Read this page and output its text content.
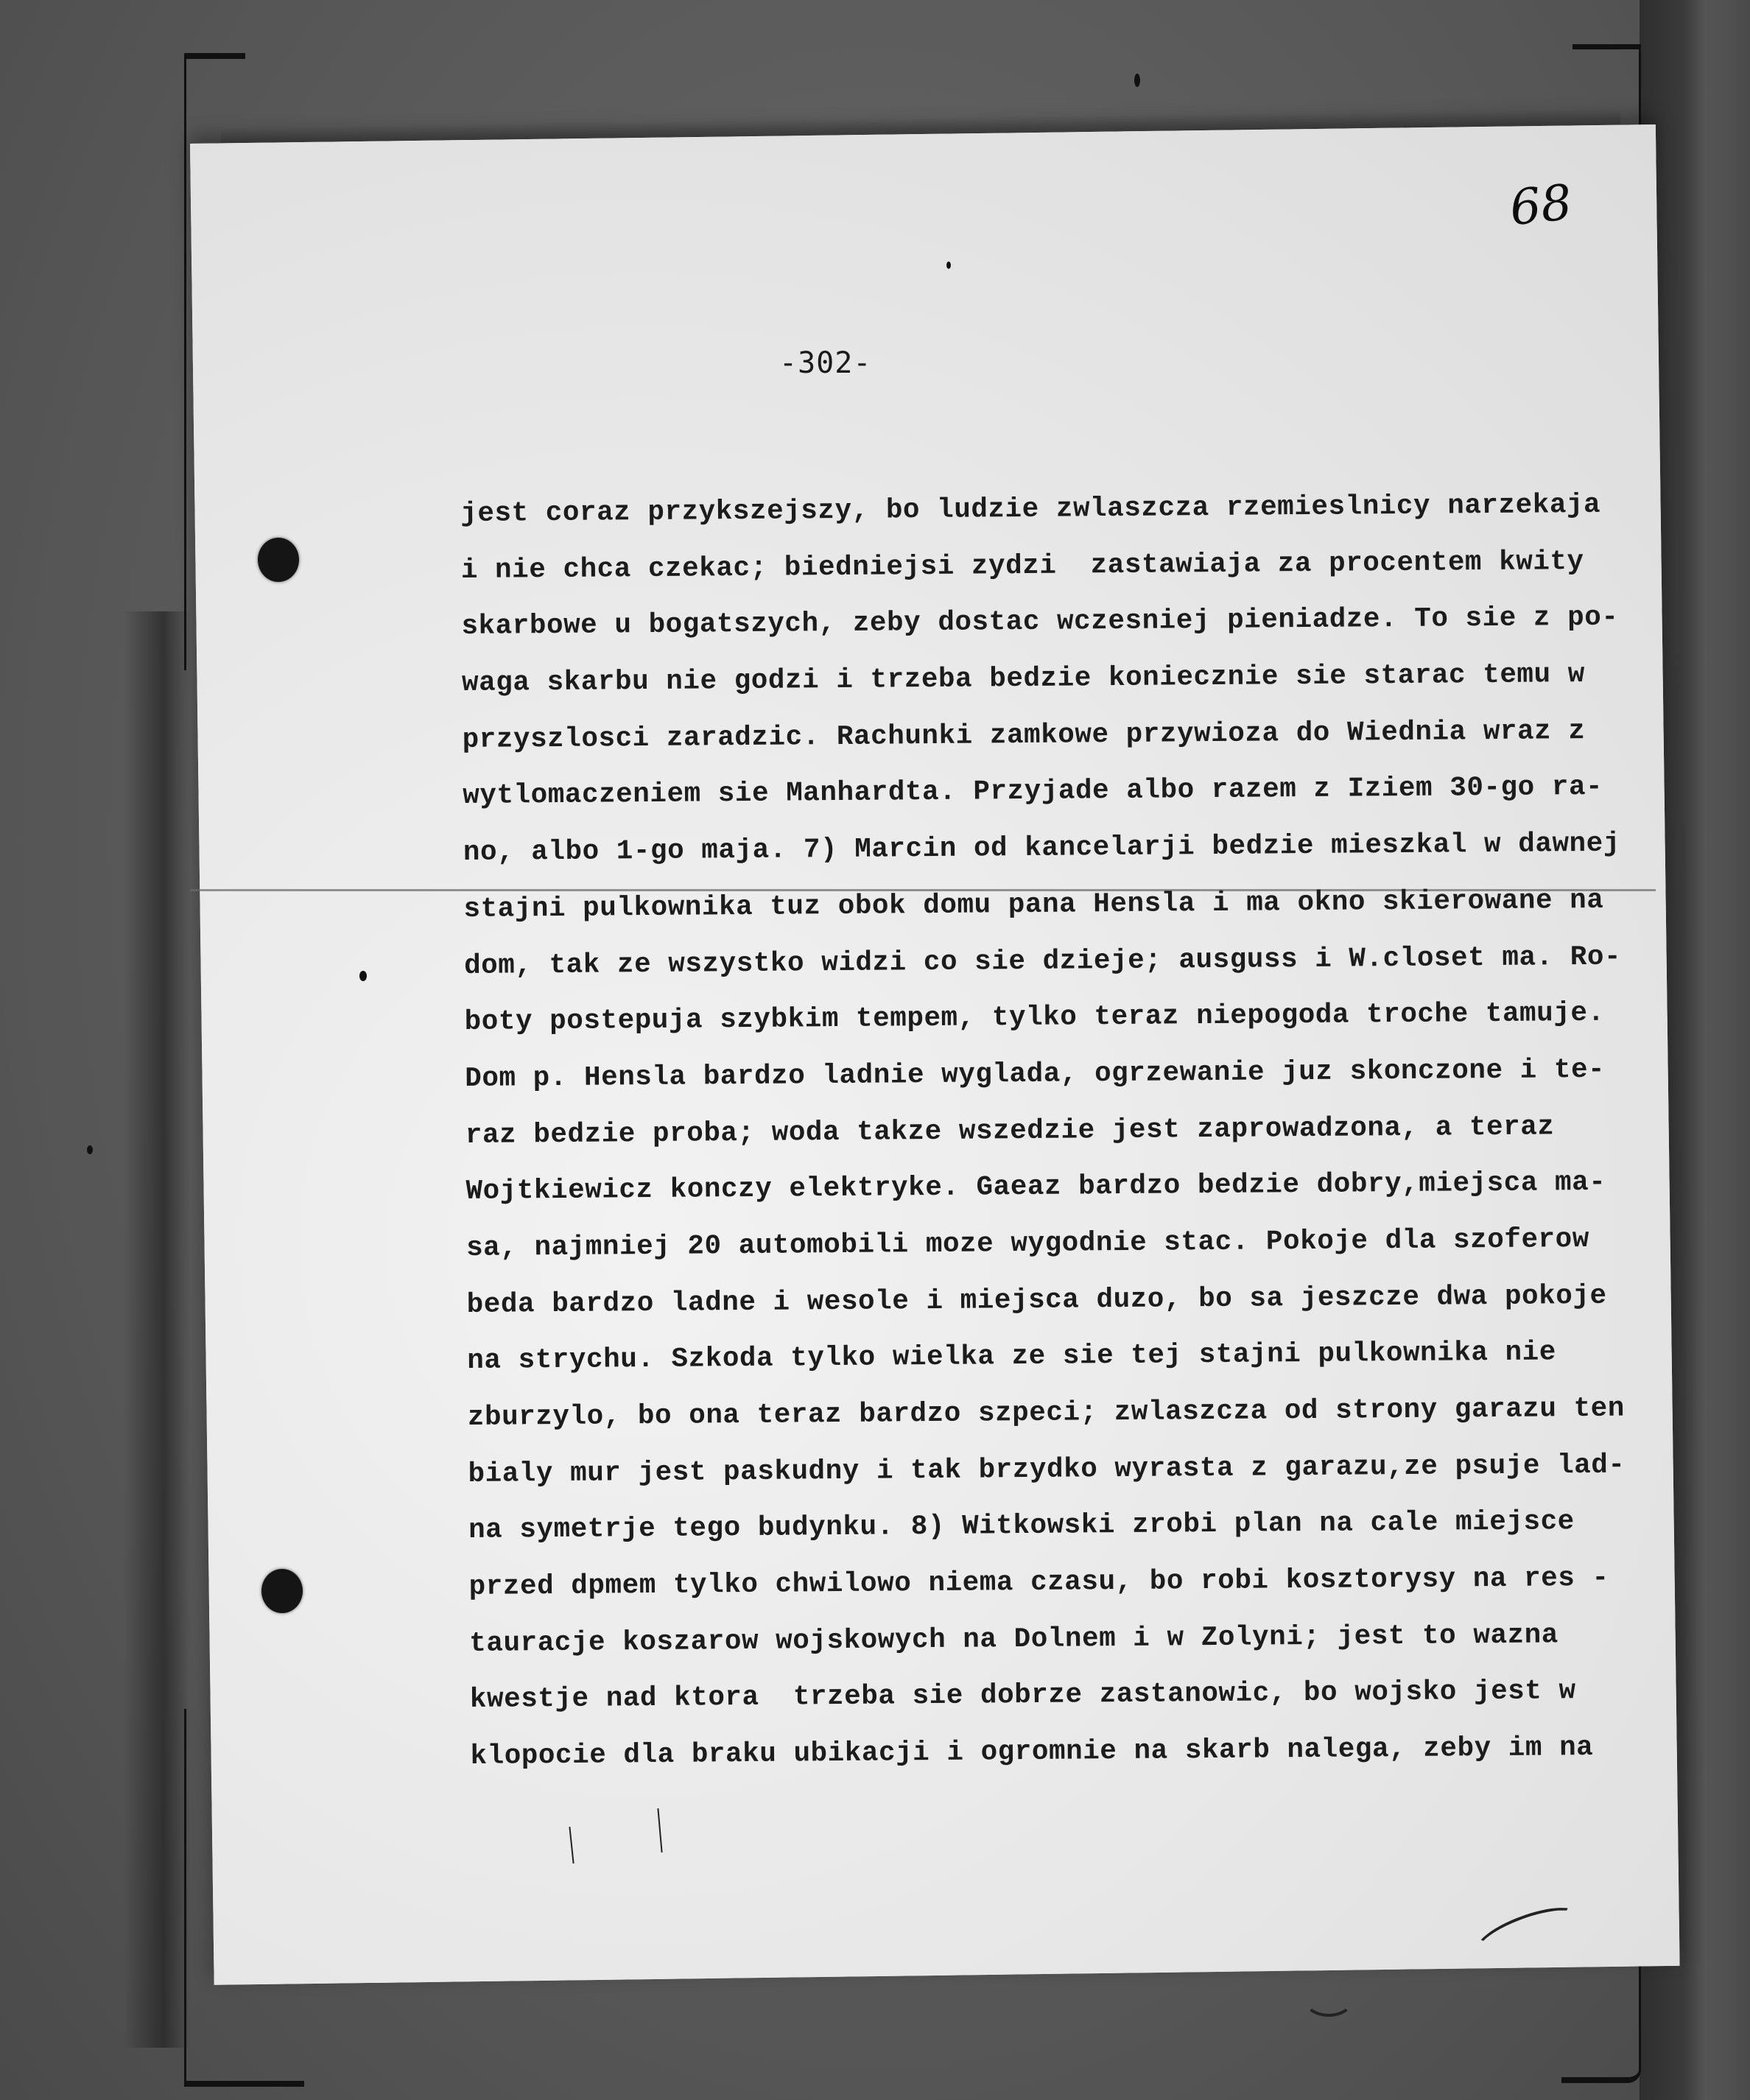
68
-302-
jest coraz przykszejszy, bo ludzie zwlaszcza rzemieslnicy narzekaja
i nie chca czekac; biedniejsi zydzi  zastawiaja za procentem kwity
skarbowe u bogatszych, zeby dostac wczesniej pieniadze. To sie z po-
waga skarbu nie godzi i trzeba bedzie koniecznie sie starac temu w
przyszlosci zaradzic. Rachunki zamkowe przywioza do Wiednia wraz z
wytlomaczeniem sie Manhardta. Przyjade albo razem z Iziem 30-go ra-
no, albo 1-go maja. 7) Marcin od kancelarji bedzie mieszkal w dawnej
stajni pulkownika tuz obok domu pana Hensla i ma okno skierowane na
dom, tak ze wszystko widzi co sie dzieje; ausguss i W.closet ma. Ro-
boty postepuja szybkim tempem, tylko teraz niepogoda troche tamuje.
Dom p. Hensla bardzo ladnie wyglada, ogrzewanie juz skonczone i te-
raz bedzie proba; woda takze wszedzie jest zaprowadzona, a teraz
Wojtkiewicz konczy elektryke. Gaeaz bardzo bedzie dobry,miejsca ma-
sa, najmniej 20 automobili moze wygodnie stac. Pokoje dla szoferow
beda bardzo ladne i wesole i miejsca duzo, bo sa jeszcze dwa pokoje
na strychu. Szkoda tylko wielka ze sie tej stajni pulkownika nie
zburzylo, bo ona teraz bardzo szpeci; zwlaszcza od strony garazu ten
bialy mur jest paskudny i tak brzydko wyrasta z garazu,ze psuje lad-
na symetrje tego budynku. 8) Witkowski zrobi plan na cale miejsce
przed dpmem tylko chwilowo niema czasu, bo robi kosztorysy na res -
tauracje koszarow wojskowych na Dolnem i w Zolyni; jest to wazna
kwestje nad ktora  trzeba sie dobrze zastanowic, bo wojsko jest w
klopocie dla braku ubikacji i ogromnie na skarb nalega, zeby im na
